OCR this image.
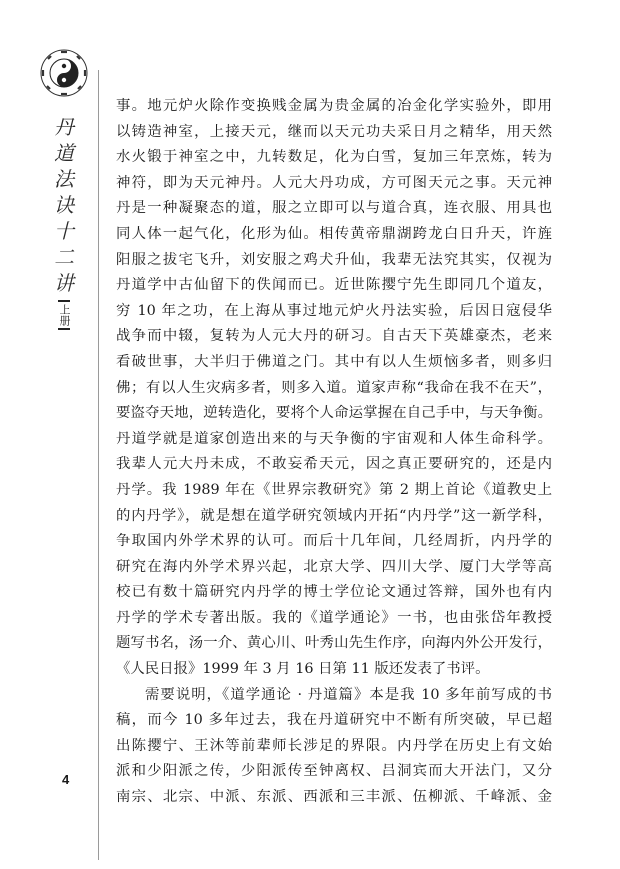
丹
道
法
诀
十
二
讲
上册
4
事。地元炉火除作变换贱金属为贵金属的冶金化学实验外，即用
以铸造神室，上接天元，继而以天元功夫采日月之精华，用天然
水火锻于神室之中，九转数足，化为白雪，复加三年烹炼，转为
神符，即为天元神丹。人元大丹功成，方可图天元之事。天元神
丹是一种凝聚态的道，服之立即可以与道合真，连衣服、用具也
同人体一起气化，化形为仙。相传黄帝鼎湖跨龙白日升天，许旌
阳服之拔宅飞升，刘安服之鸡犬升仙，我辈无法究其实，仅视为
丹道学中古仙留下的佚闻而已。近世陈撄宁先生即同几个道友，
穷 10 年之功，在上海从事过地元炉火丹法实验，后因日寇侵华
战争而中辍，复转为人元大丹的研习。自古天下英雄豪杰，老来
看破世事，大半归于佛道之门。其中有以人生烦恼多者，则多归
佛；有以人生灾病多者，则多入道。道家声称“我命在我不在天”，
要盗夺天地，逆转造化，要将个人命运掌握在自己手中，与天争衡。
丹道学就是道家创造出来的与天争衡的宇宙观和人体生命科学。
我辈人元大丹未成，不敢妄希天元，因之真正要研究的，还是内
丹学。我 1989 年在《世界宗教研究》第 2 期上首论《道教史上
的内丹学》，就是想在道学研究领域内开拓“内丹学”这一新学科，
争取国内外学术界的认可。而后十几年间，几经周折，内丹学的
研究在海内外学术界兴起，北京大学、四川大学、厦门大学等高
校已有数十篇研究内丹学的博士学位论文通过答辩，国外也有内
丹学的学术专著出版。我的《道学通论》一书，也由张岱年教授
题写书名，汤一介、黄心川、叶秀山先生作序，向海内外公开发行，
《人民日报》1999 年 3 月 16 日第 11 版还发表了书评。
需要说明，《道学通论 · 丹道篇》本是我 10 多年前写成的书
稿，而今 10 多年过去，我在丹道研究中不断有所突破，早已超
出陈撄宁、王沐等前辈师长涉足的界限。内丹学在历史上有文始
派和少阳派之传，少阳派传至钟离权、吕洞宾而大开法门，又分
南宗、北宗、中派、东派、西派和三丰派、伍柳派、千峰派、金
